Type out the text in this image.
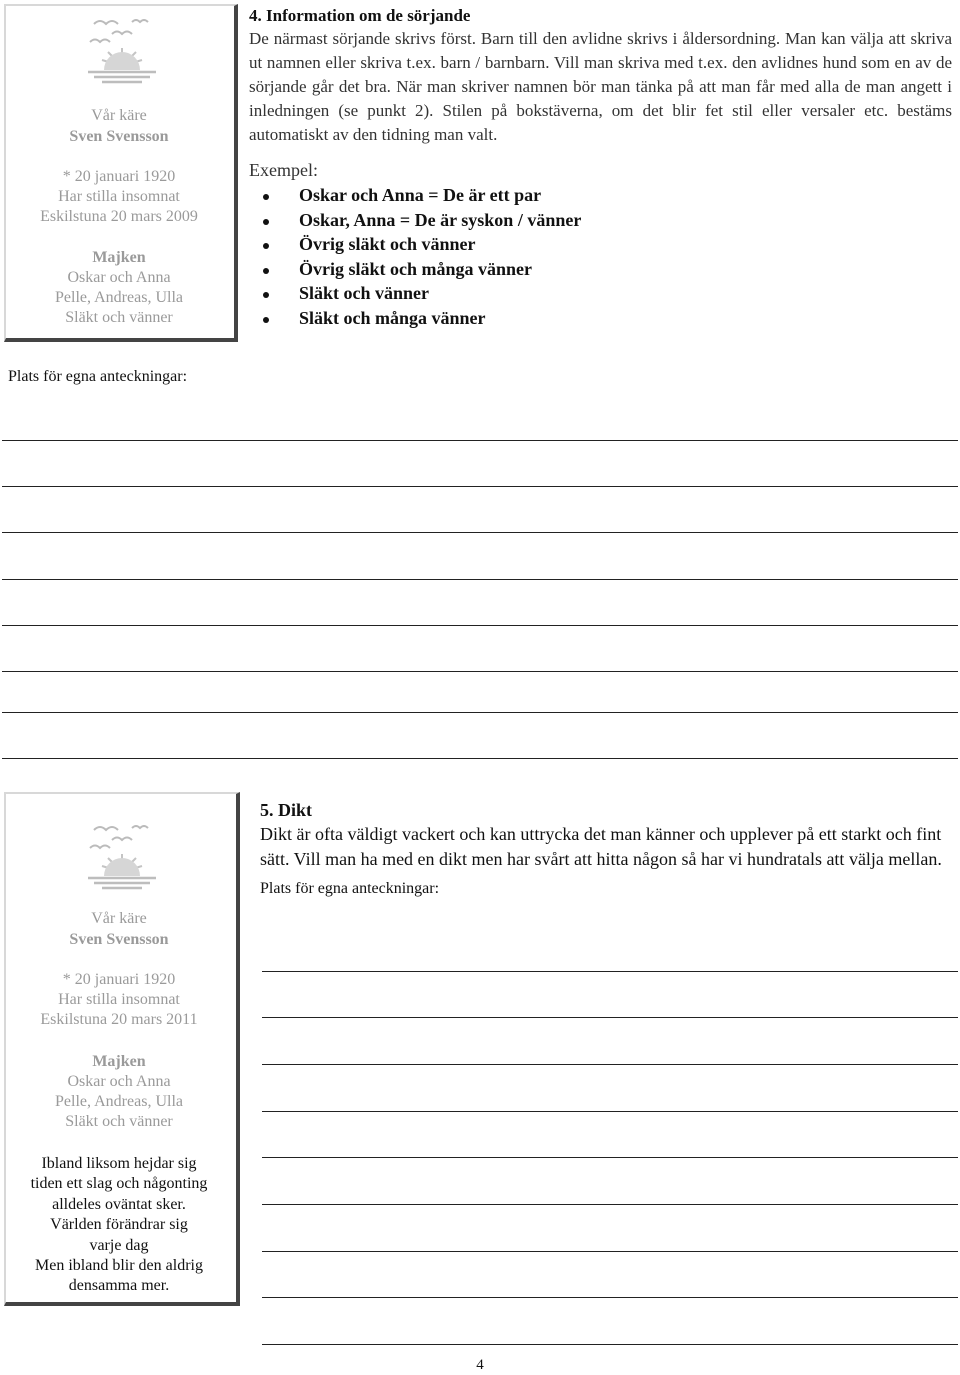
Vår käre
Sven Svensson
* 20 januari 1920
Har stilla insomnat
Eskilstuna 20 mars 2009
Majken
Oskar och Anna
Pelle, Andreas, Ulla
Släkt och vänner
Plats för egna anteckningar:
4. Information om de sörjande
De närmast sörjande skrivs först. Barn till den avlidne skrivs i åldersordning. Man kan välja att skriva ut namnen eller skriva t.ex. barn / barnbarn. Vill man skriva med t.ex. den avlidnes hund som en av de sörjande går det bra. När man skriver namnen bör man tänka på att man får med alla de man angett i inledningen (se punkt 2). Stilen på bokstäverna, om det blir fet stil eller versaler etc. bestäms automatiskt av den tidning man valt.
Exempel:
Oskar och Anna = De är ett par
Oskar, Anna = De är syskon / vänner
Övrig släkt och vänner
Övrig släkt och många vänner
Släkt och vänner
Släkt och många vänner
Vår käre
Sven Svensson
* 20 januari 1920
Har stilla insomnat
Eskilstuna 20 mars 2011
Majken
Oskar och Anna
Pelle, Andreas, Ulla
Släkt och vänner
Ibland liksom hejdar sig
tiden ett slag och någonting
alldeles oväntat sker.
Världen förändrar sig
varje dag
Men ibland blir den aldrig
densamma mer.
5. Dikt
Dikt är ofta väldigt vackert och kan uttrycka det man känner och upplever på ett starkt och fint sätt. Vill man ha med en dikt men har svårt att hitta någon så har vi hundratals att välja mellan.
Plats för egna anteckningar:
4
